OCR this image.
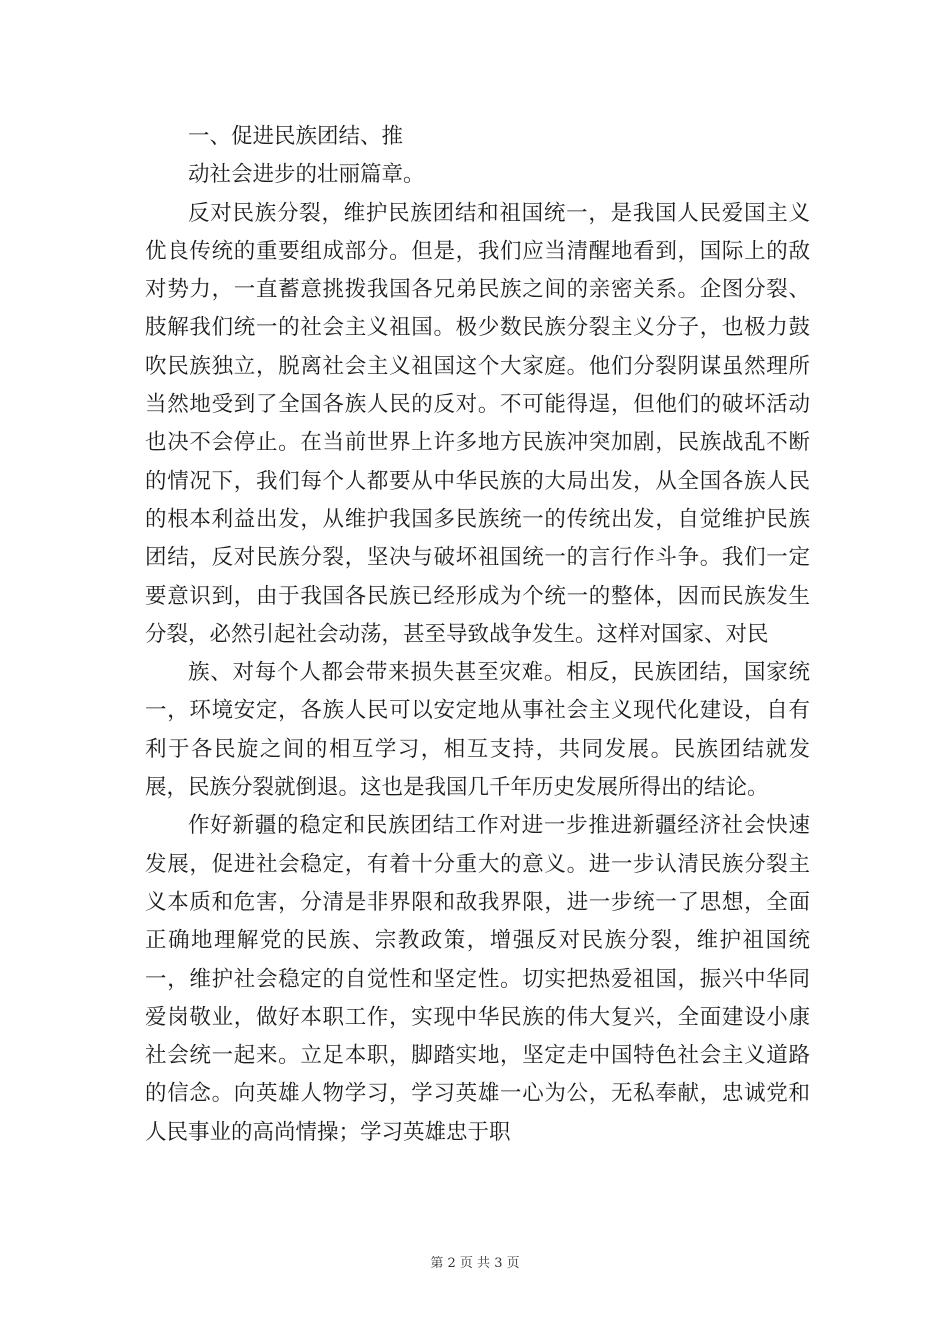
一、促进民族团结、推

动社会进步的壮丽篇章。

反对民族分裂，维护民族团结和祖国统一，是我国人民爱国主义优良传统的重要组成部分。但是，我们应当清醒地看到，国际上的敌对势力，一直蓄意挑拨我国各兄弟民族之间的亲密关系。企图分裂、肢解我们统一的社会主义祖国。极少数民族分裂主义分子，也极力鼓吹民族独立，脱离社会主义祖国这个大家庭。他们分裂阴谋虽然理所当然地受到了全国各族人民的反对。不可能得逞，但他们的破坏活动也决不会停止。在当前世界上许多地方民族冲突加剧，民族战乱不断的情况下，我们每个人都要从中华民族的大局出发，从全国各族人民的根本利益出发，从维护我国多民族统一的传统出发，自觉维护民族团结，反对民族分裂，坚决与破坏祖国统一的言行作斗争。我们一定要意识到，由于我国各民族已经形成为个统一的整体，因而民族发生分裂，必然引起社会动荡，甚至导致战争发生。这样对国家、对民

族、对每个人都会带来损失甚至灾难。相反，民族团结，国家统一，环境安定，各族人民可以安定地从事社会主义现代化建设，自有利于各民旋之间的相互学习，相互支持，共同发展。民族团结就发展，民族分裂就倒退。这也是我国几千年历史发展所得出的结论。

作好新疆的稳定和民族团结工作对进一步推进新疆经济社会快速发展，促进社会稳定，有着十分重大的意义。进一步认清民族分裂主义本质和危害，分清是非界限和敌我界限，进一步统一了思想，全面正确地理解党的民族、宗教政策，增强反对民族分裂，维护祖国统一，维护社会稳定的自觉性和坚定性。切实把热爱祖国，振兴中华同爱岗敬业，做好本职工作，实现中华民族的伟大复兴，全面建设小康社会统一起来。立足本职，脚踏实地，坚定走中国特色社会主义道路的信念。向英雄人物学习，学习英雄一心为公，无私奉献，忠诚党和人民事业的高尚情操；学习英雄忠于职

第 2 页 共 3 页
